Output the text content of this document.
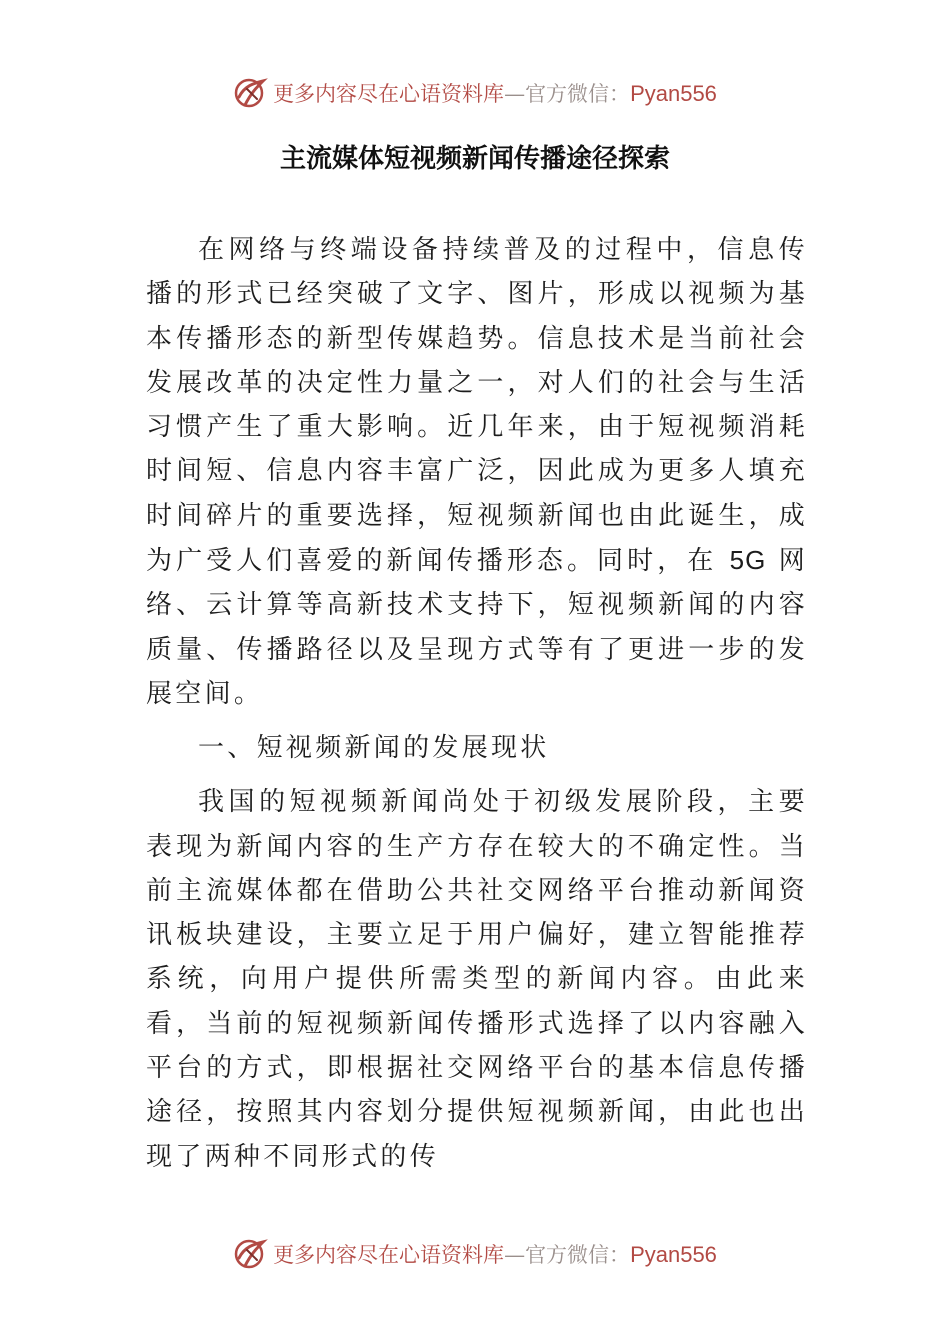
更多内容尽在心语资料库—官方微信：Pyan556
主流媒体短视频新闻传播途径探索

在网络与终端设备持续普及的过程中，信息传播的形式已经突破了文字、图片，形成以视频为基本传播形态的新型传媒趋势。信息技术是当前社会发展改革的决定性力量之一，对人们的社会与生活习惯产生了重大影响。近几年来，由于短视频消耗时间短、信息内容丰富广泛，因此成为更多人填充时间碎片的重要选择，短视频新闻也由此诞生，成为广受人们喜爱的新闻传播形态。同时，在 5G 网络、云计算等高新技术支持下，短视频新闻的内容质量、传播路径以及呈现方式等有了更进一步的发展空间。

一、短视频新闻的发展现状

我国的短视频新闻尚处于初级发展阶段，主要表现为新闻内容的生产方存在较大的不确定性。当前主流媒体都在借助公共社交网络平台推动新闻资讯板块建设，主要立足于用户偏好，建立智能推荐系统，向用户提供所需类型的新闻内容。由此来看，当前的短视频新闻传播形式选择了以内容融入平台的方式，即根据社交网络平台的基本信息传播途径，按照其内容划分提供短视频新闻，由此也出现了两种不同形式的传

更多内容尽在心语资料库—官方微信：Pyan556
